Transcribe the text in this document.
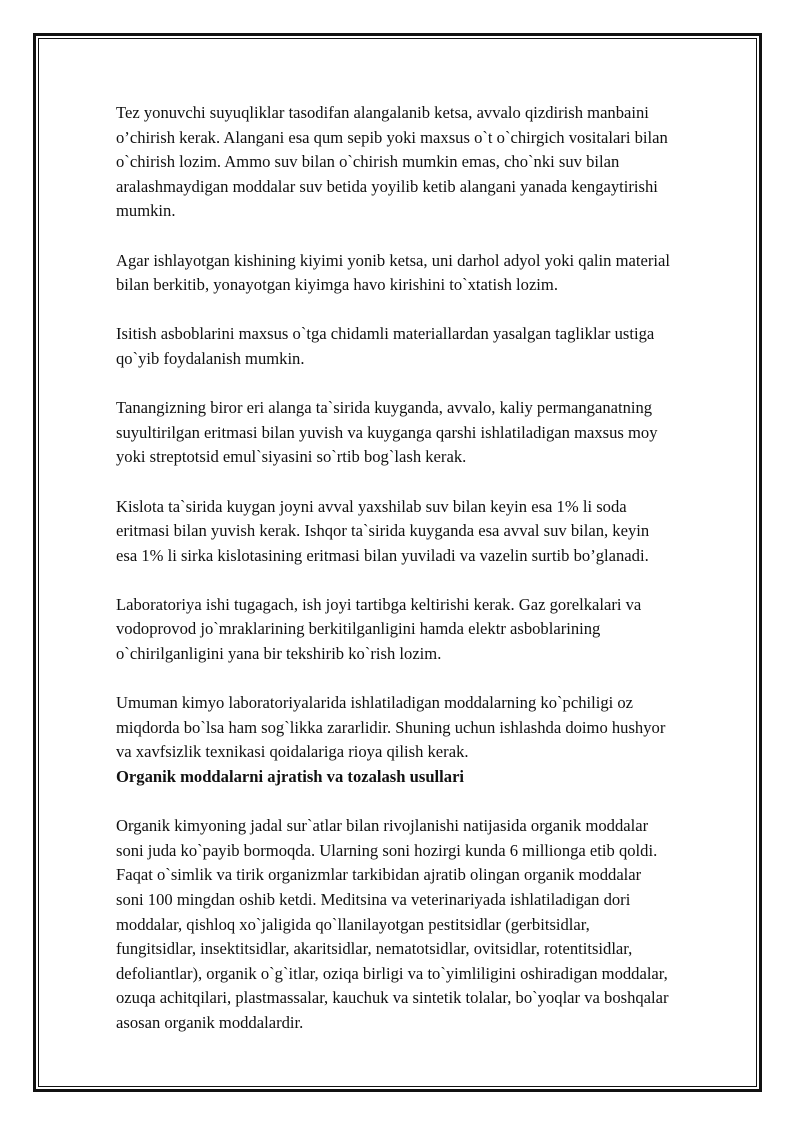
Tez yonuvchi suyuqliklar tasodifan alangalanib ketsa, avvalo qizdirish manbaini
o’chirish kerak. Alangani esa qum sepib yoki maxsus o`t o`chirgich vositalari bilan
o`chirish lozim. Ammo suv bilan o`chirish mumkin emas, cho`nki suv bilan
aralashmaydigan moddalar suv betida yoyilib ketib alangani yanada kengaytirishi
mumkin.

Agar ishlayotgan kishining kiyimi yonib ketsa, uni darhol adyol yoki qalin material
bilan berkitib, yonayotgan kiyimga havo kirishini to`xtatish lozim.

Isitish asboblarini maxsus o`tga chidamli materiallardan yasalgan tagliklar ustiga
qo`yib foydalanish mumkin.

Tanangizning biror eri alanga ta`sirida kuyganda, avvalo, kaliy permanganatning
suyultirilgan eritmasi bilan yuvish va kuyganga qarshi ishlatiladigan maxsus moy
yoki streptotsid emul`siyasini so`rtib bog`lash kerak.

Kislota ta`sirida kuygan joyni avval yaxshilab suv bilan keyin esa 1% li soda
eritmasi bilan yuvish kerak. Ishqor ta`sirida kuyganda esa avval suv bilan, keyin
esa 1% li sirka kislotasining eritmasi bilan yuviladi va vazelin surtib bo’glanadi.

Laboratoriya ishi tugagach, ish joyi tartibga keltirishi kerak. Gaz gorelkalari va
vodoprovod jo`mraklarining berkitilganligini hamda elektr asboblarining
o`chirilganligini yana bir tekshirib ko`rish lozim.

Umuman kimyo laboratoriyalarida ishlatiladigan moddalarning ko`pchiligi oz
miqdorda bo`lsa ham sog`likka zararlidir. Shuning uchun ishlashda doimo hushyor
va xavfsizlik texnikasi qoidalariga rioya qilish kerak.

Organik moddalarni ajratish va tozalash usullari

Organik kimyoning jadal sur`atlar bilan rivojlanishi natijasida organik moddalar
soni juda ko`payib bormoqda. Ularning soni hozirgi kunda 6 millionga etib qoldi.
Faqat o`simlik va tirik organizmlar tarkibidan ajratib olingan organik moddalar
soni 100 mingdan oshib ketdi. Meditsina va veterinariyada ishlatiladigan dori
moddalar, qishloq xo`jaligida qo`llanilayotgan pestitsidlar (gerbitsidlar,
fungitsidlar, insektitsidlar, akaritsidlar, nematotsidlar, ovitsidlar, rotentitsidlar,
defoliantlar), organik o`g`itlar, oziqa birligi va to`yimliligini oshiradigan moddalar,
ozuqa achitqilari, plastmassalar, kauchuk va sintetik tolalar, bo`yoqlar va boshqalar
asosan organik moddalardir.
